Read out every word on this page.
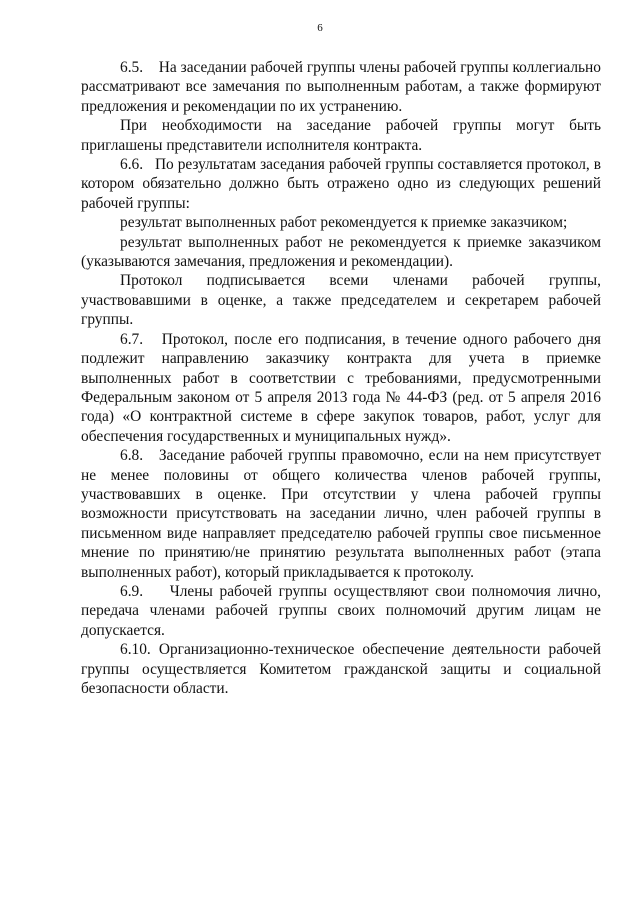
6

6.5.    На заседании рабочей группы члены рабочей группы коллегиально рассматривают все замечания по выполненным работам, а также формируют предложения и рекомендации по их устранению.

При необходимости на заседание рабочей группы могут быть приглашены представители исполнителя контракта.

6.6.   По результатам заседания рабочей группы составляется протокол, в котором обязательно должно быть отражено одно из следующих решений рабочей группы:

результат выполненных работ рекомендуется к приемке заказчиком;

результат выполненных работ не рекомендуется к приемке заказчиком (указываются замечания, предложения и рекомендации).

Протокол подписывается всеми членами рабочей группы, участвовавшими в оценке, а также председателем и секретарем рабочей группы.

6.7.   Протокол, после его подписания, в течение одного рабочего дня подлежит направлению заказчику контракта для учета в приемке выполненных работ в соответствии с требованиями, предусмотренными Федеральным законом от 5 апреля 2013 года № 44-ФЗ (ред. от 5 апреля 2016 года) «О контрактной системе в сфере закупок товаров, работ, услуг для обеспечения государственных и муниципальных нужд».

6.8.   Заседание рабочей группы правомочно, если на нем присутствует не менее половины от общего количества членов рабочей группы, участвовавших в оценке. При отсутствии у члена рабочей группы возможности присутствовать на заседании лично, член рабочей группы в письменном виде направляет председателю рабочей группы свое письменное мнение по принятию/не принятию результата выполненных работ (этапа выполненных работ), который прикладывается к протоколу.

6.9.    Члены рабочей группы осуществляют свои полномочия лично, передача членами рабочей группы своих полномочий другим лицам не допускается.

6.10. Организационно-техническое обеспечение деятельности рабочей группы осуществляется Комитетом гражданской защиты и социальной безопасности области.
